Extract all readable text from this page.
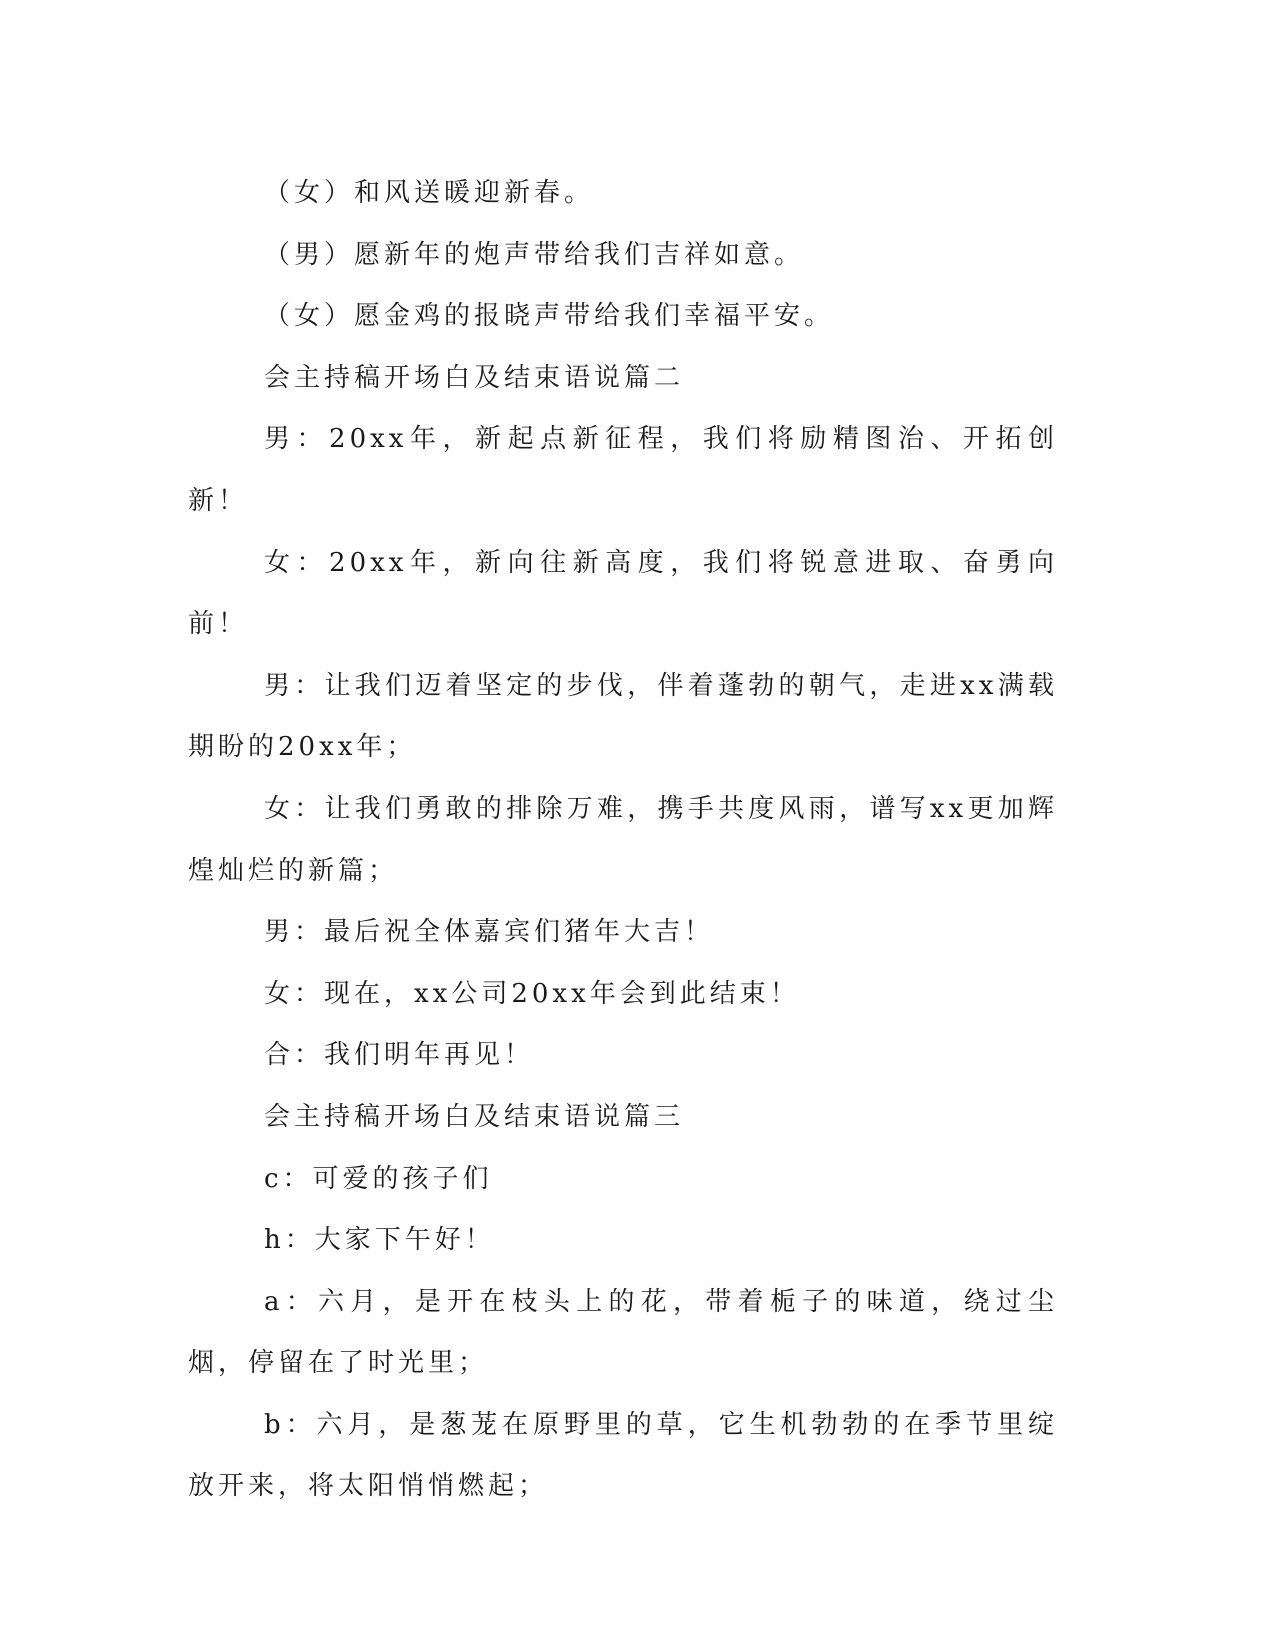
（女）和风送暖迎新春。

（男）愿新年的炮声带给我们吉祥如意。

（女）愿金鸡的报晓声带给我们幸福平安。

会主持稿开场白及结束语说篇二

男：20xx年，新起点新征程，我们将励精图治、开拓创新！

女：20xx年，新向往新高度，我们将锐意进取、奋勇向前！

男：让我们迈着坚定的步伐，伴着蓬勃的朝气，走进xx满载期盼的20xx年；

女：让我们勇敢的排除万难，携手共度风雨，谱写xx更加辉煌灿烂的新篇；

男：最后祝全体嘉宾们猪年大吉！

女：现在，xx公司20xx年会到此结束！

合：我们明年再见！

会主持稿开场白及结束语说篇三

c：可爱的孩子们

h：大家下午好！

a：六月，是开在枝头上的花，带着栀子的味道，绕过尘烟，停留在了时光里；

b：六月，是葱茏在原野里的草，它生机勃勃的在季节里绽放开来，将太阳悄悄燃起；
